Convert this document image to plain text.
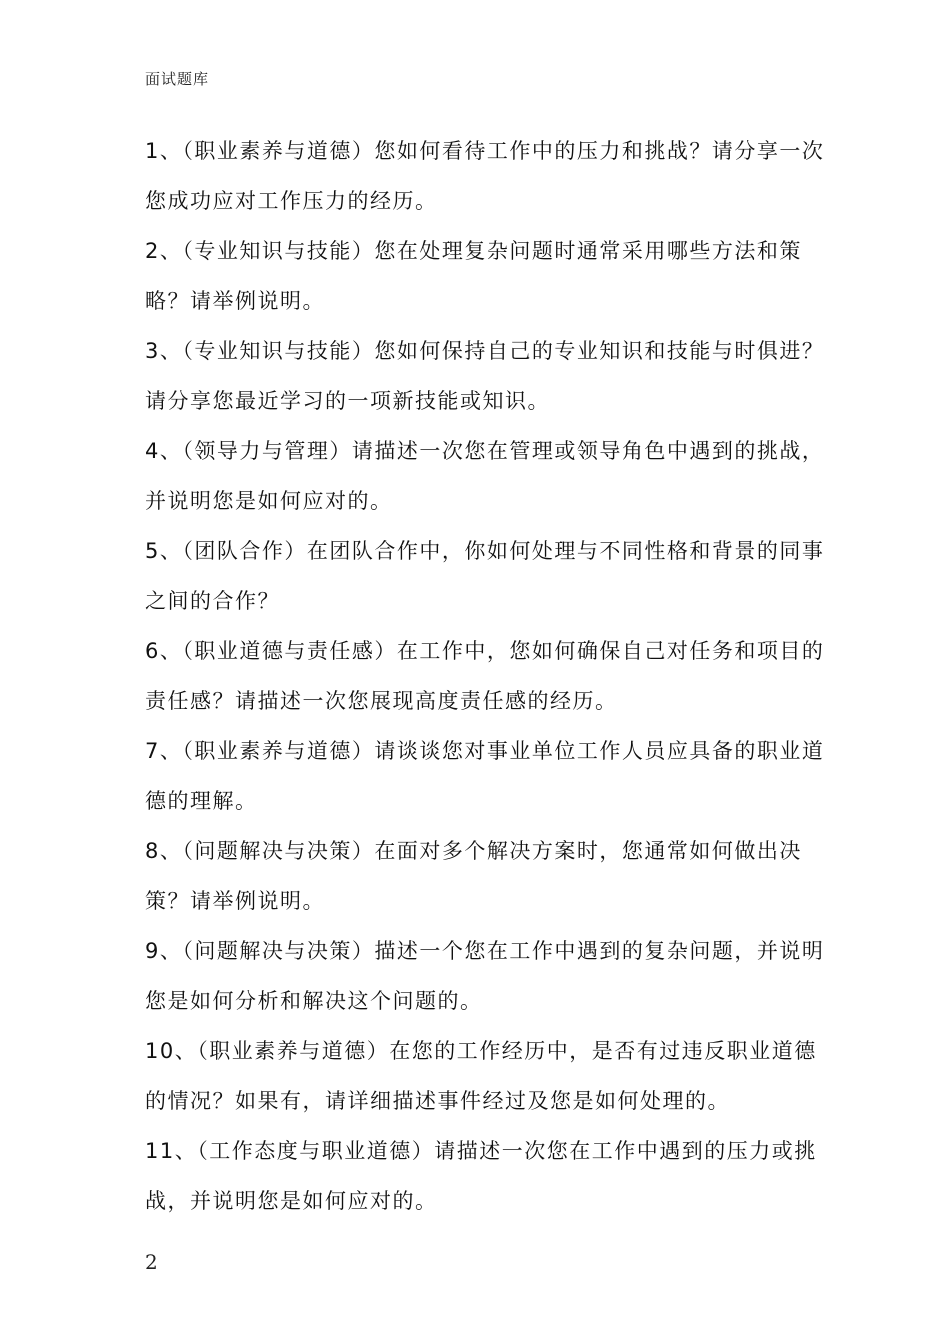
面试题库

1、（职业素养与道德）您如何看待工作中的压力和挑战？请分享一次您成功应对工作压力的经历。

2、（专业知识与技能）您在处理复杂问题时通常采用哪些方法和策略？请举例说明。

3、（专业知识与技能）您如何保持自己的专业知识和技能与时俱进？请分享您最近学习的一项新技能或知识。

4、（领导力与管理）请描述一次您在管理或领导角色中遇到的挑战，并说明您是如何应对的。

5、（团队合作）在团队合作中，你如何处理与不同性格和背景的同事之间的合作？

6、（职业道德与责任感）在工作中，您如何确保自己对任务和项目的责任感？请描述一次您展现高度责任感的经历。

7、（职业素养与道德）请谈谈您对事业单位工作人员应具备的职业道德的理解。

8、（问题解决与决策）在面对多个解决方案时，您通常如何做出决策？请举例说明。

9、（问题解决与决策）描述一个您在工作中遇到的复杂问题，并说明您是如何分析和解决这个问题的。

10、（职业素养与道德）在您的工作经历中，是否有过违反职业道德的情况？如果有，请详细描述事件经过及您是如何处理的。

11、（工作态度与职业道德）请描述一次您在工作中遇到的压力或挑战，并说明您是如何应对的。

2
